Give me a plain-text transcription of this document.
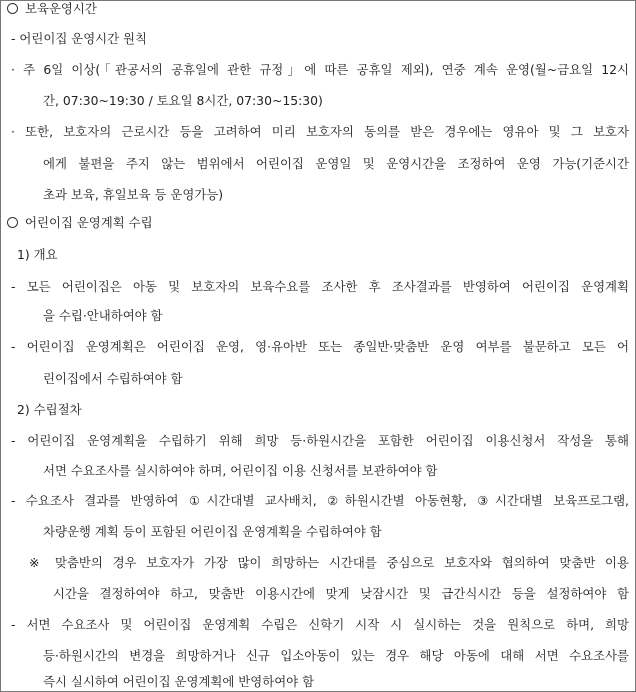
보육운영시간
- 어린이집 운영시간 원칙
· 주 6일 이상(「관공서의 공휴일에 관한 규정」에 따른 공휴일 제외), 연중 계속 운영(월~금요일 12시
간, 07:30~19:30 / 토요일 8시간, 07:30~15:30)
· 또한, 보호자의 근로시간 등을 고려하여 미리 보호자의 동의를 받은 경우에는 영유아 및 그 보호자
에게 불편을 주지 않는 범위에서 어린이집 운영일 및 운영시간을 조정하여 운영 가능(기준시간
초과 보육, 휴일보육 등 운영가능)
어린이집 운영계획 수립
1) 개요
- 모든 어린이집은 아동 및 보호자의 보육수요를 조사한 후 조사결과를 반영하여 어린이집 운영계획
을 수립·안내하여야 함
- 어린이집 운영계획은 어린이집 운영, 영·유아반 또는 종일반·맞춤반 운영 여부를 불문하고 모든 어
린이집에서 수립하여야 함
2) 수립절차
- 어린이집 운영계획을 수립하기 위해 희망 등·하원시간을 포함한 어린이집 이용신청서 작성을 통해
서면 수요조사를 실시하여야 하며, 어린이집 이용 신청서를 보관하여야 함
- 수요조사 결과를 반영하여 ①시간대별 교사배치, ②하원시간별 아동현황, ③시간대별 보육프로그램,
차량운행 계획 등이 포함된 어린이집 운영계획을 수립하여야 함
※ 맞춤반의 경우 보호자가 가장 많이 희망하는 시간대를 중심으로 보호자와 협의하여 맞춤반 이용
시간을 결정하여야 하고, 맞춤반 이용시간에 맞게 낮잠시간 및 급간식시간 등을 설정하여야 함
- 서면 수요조사 및 어린이집 운영계획 수립은 신학기 시작 시 실시하는 것을 원칙으로 하며, 희망
등·하원시간의 변경을 희망하거나 신규 입소아동이 있는 경우 해당 아동에 대해 서면 수요조사를
즉시 실시하여 어린이집 운영계획에 반영하여야 함
